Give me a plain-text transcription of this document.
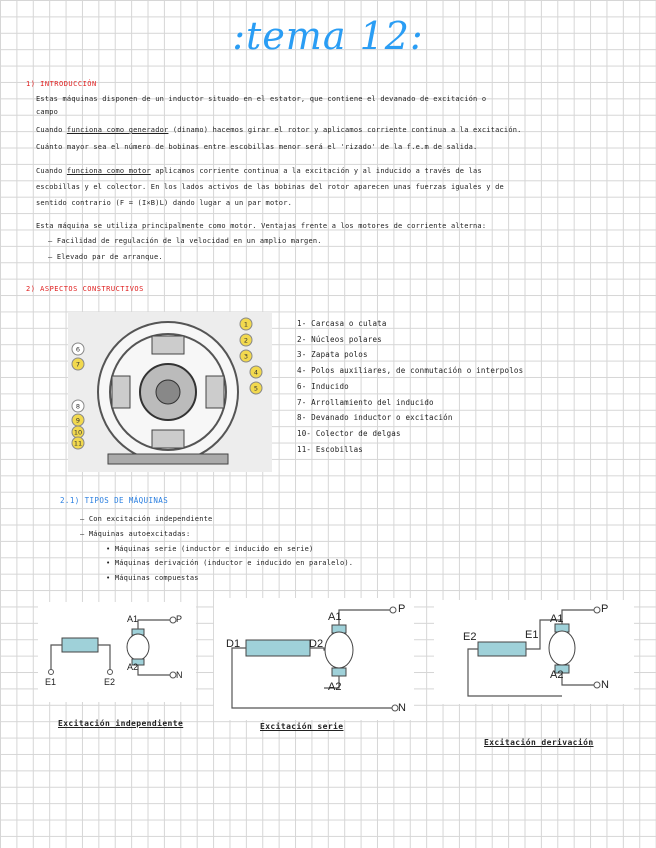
:tema 12:
1) INTRODUCCIÓN
Estas máquinas disponen de un inductor situado en el estator, que contiene el devanado de excitación o
campo
Cuando funciona como generador (dinamo) hacemos girar el rotor y aplicamos corriente continua a la excitación.
Cuánto mayor sea el número de bobinas entre escobillas menor será el 'rizado' de la f.e.m de salida.
Cuando funciona como motor aplicamos corriente continua a la excitación y al inducido a través de las
escobillas y el colector. En los lados activos de las bobinas del rotor aparecen unas fuerzas iguales y de
sentido contrario (F = (I×B)L) dando lugar a un par motor.
Esta máquina se utiliza principalmente como motor. Ventajas frente a los motores de corriente alterna:
– Facilidad de regulación de la velocidad en un amplio margen.
– Elevado par de arranque.
2) ASPECTOS CONSTRUCTIVOS
1
2
3
4
5
6
7
8
9
10
11
1- Carcasa o culata
2- Núcleos polares
3- Zapata polos
4- Polos auxiliares, de conmutación o interpolos
6- Inducido
7- Arrollamiento del inducido
8- Devanado inductor o excitación
10- Colector de delgas
11- Escobillas
2.1) TIPOS DE MÁQUINAS
– Con excitación independiente
– Máquinas autoexcitadas:
• Máquinas serie (inductor e inducido en serie)
• Máquinas derivación (inductor e inducido en paralelo).
• Máquinas compuestas
A1
A2
P
N
E1	E2
Excitación independiente
D1	D2
A1
A2
P
N
Excitación serie
E2	E1
A1
A2
P
N
Excitación derivación
